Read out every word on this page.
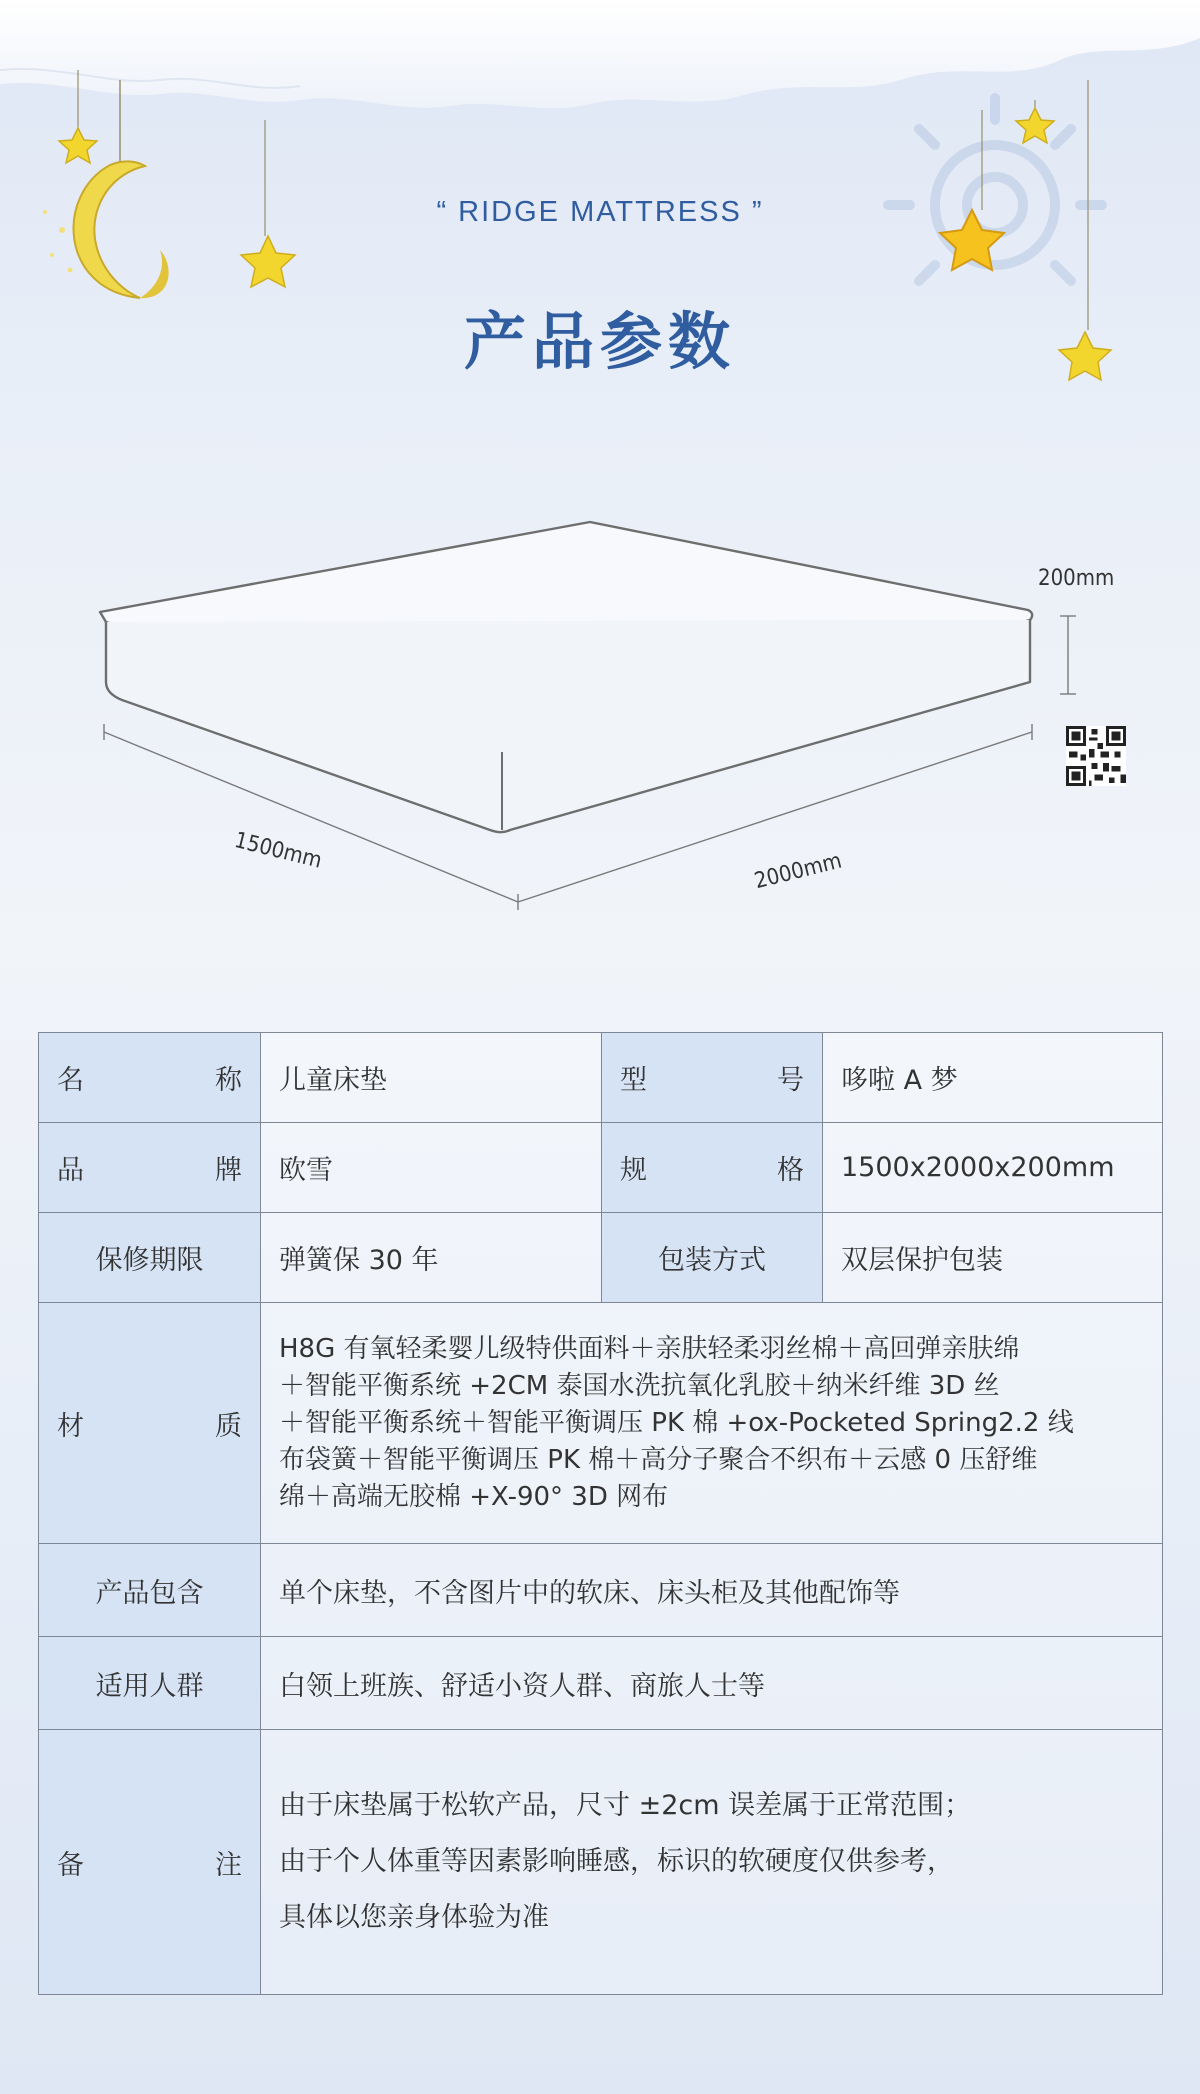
“ RIDGE MATTRESS ”
产品参数
200mm
1500mm	2000mm
名　称	儿童床垫	型　号	哆啦 A 梦
品　牌	欧雪	规　格	1500x2000x200mm
保修期限	弹簧保 30 年	包装方式	双层保护包装
材　质	H8G 有氧轻柔婴儿级特供面料＋亲肤轻柔羽丝棉＋高回弹亲肤绵
＋智能平衡系统 +2CM 泰国水洗抗氧化乳胶＋纳米纤维 3D 丝
＋智能平衡系统＋智能平衡调压 PK 棉 +ox-Pocketed Spring2.2 线
布袋簧＋智能平衡调压 PK 棉＋高分子聚合不织布＋云感 0 压舒维
绵＋高端无胶棉 +X-90° 3D 网布		

产品包含	单个床垫，不含图片中的软床、床头柜及其他配饰等		
适用人群	白领上班族、舒适小资人群、商旅人士等		
备　注	由于床垫属于松软产品，尺寸 ±2cm 误差属于正常范围；
由于个人体重等因素影响睡感，标识的软硬度仅供参考，
具体以您亲身体验为准		
